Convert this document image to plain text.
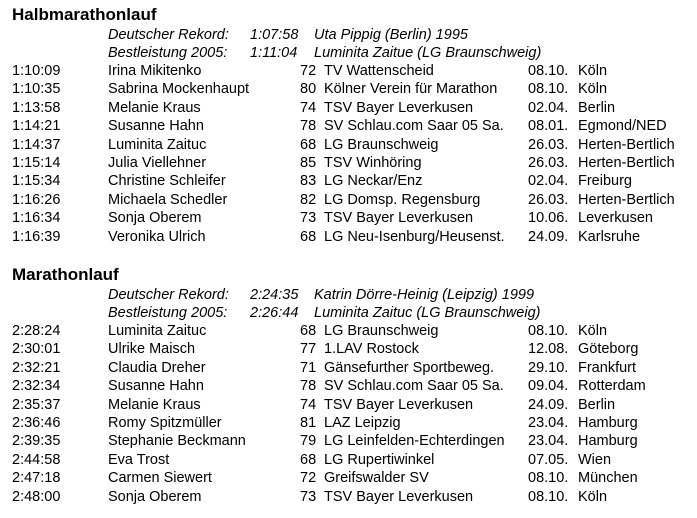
Halbmarathonlauf
Deutscher Rekord: 1:07:58 Uta Pippig (Berlin) 1995
Bestleistung 2005: 1:11:04 Luminita Zaitue (LG Braunschweig)
1:10:09	Irina Mikitenko	72 TV Wattenscheid	08.10. Köln
1:10:35	Sabrina Mockenhaupt	80 Kölner Verein für Marathon 08.10. Köln
1:13:58	Melanie Kraus	74 TSV Bayer Leverkusen	02.04. Berlin
1:14:21	Susanne Hahn	78 SV Schlau.com Saar 05 Sa. 08.01. Egmond/NED
1:14:37	Luminita Zaituc	68 LG Braunschweig	26.03. Herten-Bertlich
1:15:14	Julia Viellehner	85 TSV Winhöring	26.03. Herten-Bertlich
1:15:34	Christine Schleifer	83 LG Neckar/Enz	02.04. Freiburg
1:16:26	Michaela Schedler	82 LG Domsp. Regensburg	26.03. Herten-Bertlich
1:16:34	Sonja Oberem	73 TSV Bayer Leverkusen	10.06. Leverkusen
1:16:39	Veronika Ulrich	68 LG Neu-Isenburg/Heusenst. 24.09. Karlsruhe
Marathonlauf
Deutscher Rekord: 2:24:35 Katrin Dörre-Heinig (Leipzig) 1999
Bestleistung 2005: 2:26:44 Luminita Zaituc (LG Braunschweig)
2:28:24	Luminita Zaituc	68 LG Braunschweig	08.10. Köln
2:30:01	Ulrike Maisch	77 1.LAV Rostock	12.08. Göteborg
2:32:21	Claudia Dreher	71 Gänsefurther Sportbeweg. 29.10. Frankfurt
2:32:34	Susanne Hahn	78 SV Schlau.com Saar 05 Sa. 09.04. Rotterdam
2:35:37	Melanie Kraus	74 TSV Bayer Leverkusen	24.09. Berlin
2:36:46	Romy Spitzmüller	81 LAZ Leipzig	23.04. Hamburg
2:39:35	Stephanie Beckmann	79 LG Leinfelden-Echterdingen 23.04. Hamburg
2:44:58	Eva Trost	68 LG Rupertiwinkel	07.05. Wien
2:47:18	Carmen Siewert	72 Greifswalder SV	08.10. München
2:48:00	Sonja Oberem	73 TSV Bayer Leverkusen	08.10. Köln
